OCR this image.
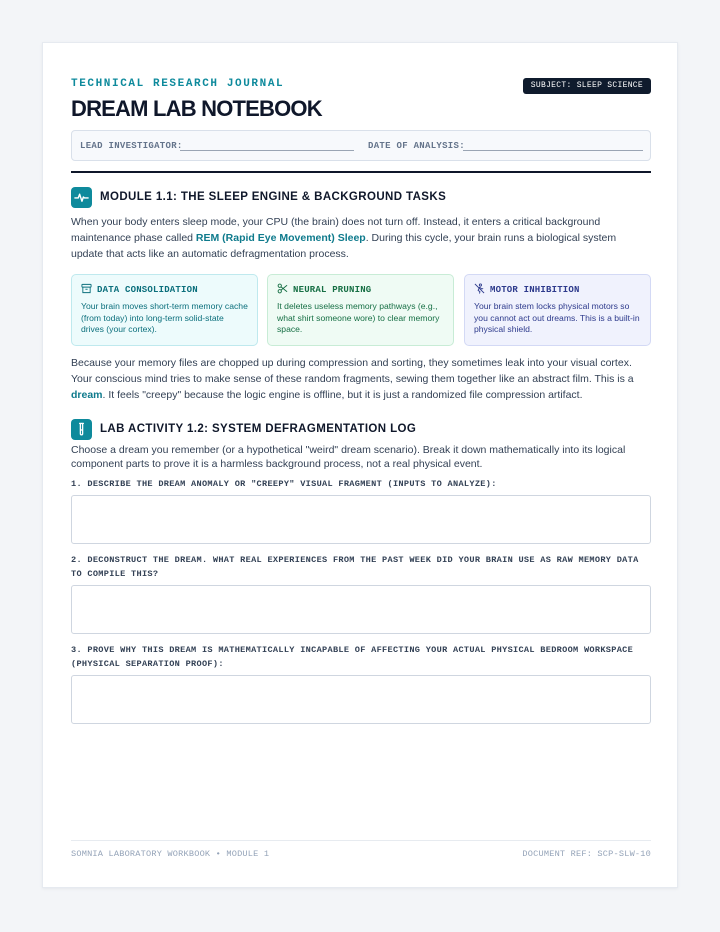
TECHNICAL RESEARCH JOURNAL	SUBJECT: SLEEP SCIENCE
DREAM LAB NOTEBOOK
LEAD INVESTIGATOR:	DATE OF ANALYSIS:
MODULE 1.1: THE SLEEP ENGINE & BACKGROUND TASKS
When your body enters sleep mode, your CPU (the brain) does not turn off. Instead, it enters a critical background maintenance phase called REM (Rapid Eye Movement) Sleep. During this cycle, your brain runs a biological system update that acts like an automatic defragmentation process.
DATA CONSOLIDATION
Your brain moves short-term memory cache (from today) into long-term solid-state drives (your cortex).
NEURAL PRUNING
It deletes useless memory pathways (e.g., what shirt someone wore) to clear memory space.
MOTOR INHIBITION
Your brain stem locks physical motors so you cannot act out dreams. This is a built-in physical shield.
Because your memory files are chopped up during compression and sorting, they sometimes leak into your visual cortex. Your conscious mind tries to make sense of these random fragments, sewing them together like an abstract film. This is a dream. It feels "creepy" because the logic engine is offline, but it is just a randomized file compression artifact.
LAB ACTIVITY 1.2: SYSTEM DEFRAGMENTATION LOG
Choose a dream you remember (or a hypothetical "weird" dream scenario). Break it down mathematically into its logical component parts to prove it is a harmless background process, not a real physical event.
1. DESCRIBE THE DREAM ANOMALY OR "CREEPY" VISUAL FRAGMENT (INPUTS TO ANALYZE):
2. DECONSTRUCT THE DREAM. WHAT REAL EXPERIENCES FROM THE PAST WEEK DID YOUR BRAIN USE AS RAW MEMORY DATA TO COMPILE THIS?
3. PROVE WHY THIS DREAM IS MATHEMATICALLY INCAPABLE OF AFFECTING YOUR ACTUAL PHYSICAL BEDROOM WORKSPACE (PHYSICAL SEPARATION PROOF):
SOMNIA LABORATORY WORKBOOK • MODULE 1	DOCUMENT REF: SCP-SLW-10
